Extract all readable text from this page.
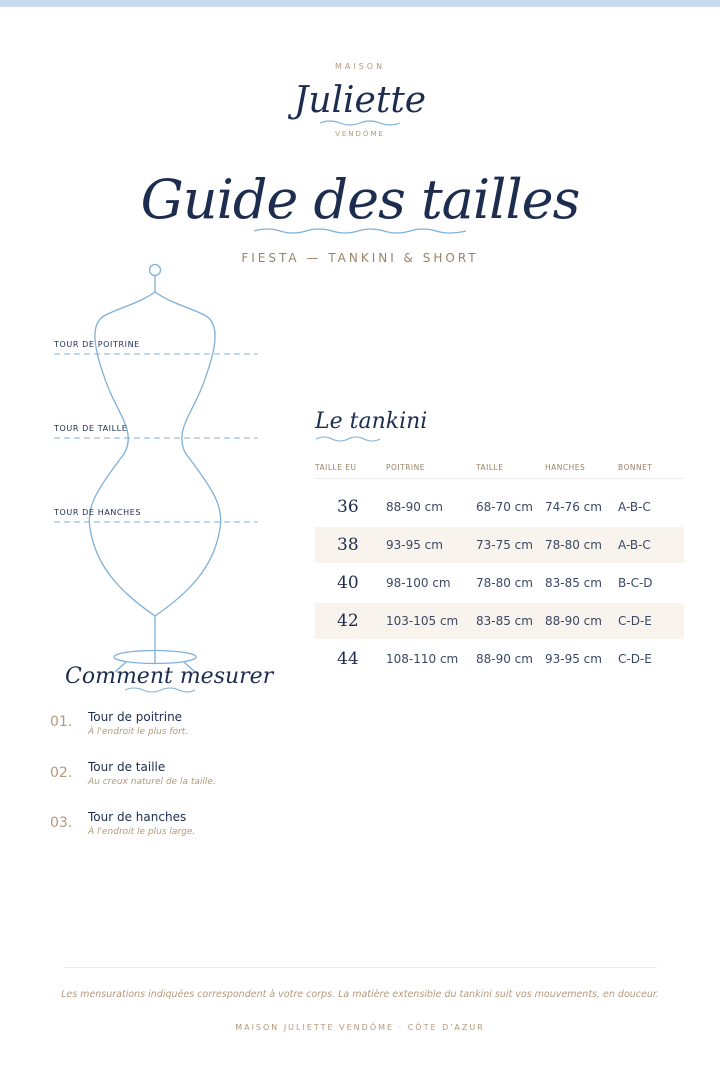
MAISON
Juliette
VENDÔME
Guide des tailles
FIESTA — TANKINI & SHORT
TOUR DE POITRINE
TOUR DE TAILLE
TOUR DE HANCHES
Le tankini
TAILLE EU	POITRINE	TAILLE	HANCHES	BONNET
36	88-90 cm	68-70 cm	74-76 cm	A-B-C
38	93-95 cm	73-75 cm	78-80 cm	A-B-C
40	98-100 cm	78-80 cm	83-85 cm	B-C-D
42	103-105 cm	83-85 cm	88-90 cm	C-D-E
44	108-110 cm	88-90 cm	93-95 cm	C-D-E
Comment mesurer
01. Tour de poitrine
À l'endroit le plus fort.
02. Tour de taille
Au creux naturel de la taille.
03. Tour de hanches
À l'endroit le plus large.
Les mensurations indiquées correspondent à votre corps. La matière extensible du tankini suit vos mouvements, en douceur.
MAISON JULIETTE VENDÔME · CÔTE D'AZUR
